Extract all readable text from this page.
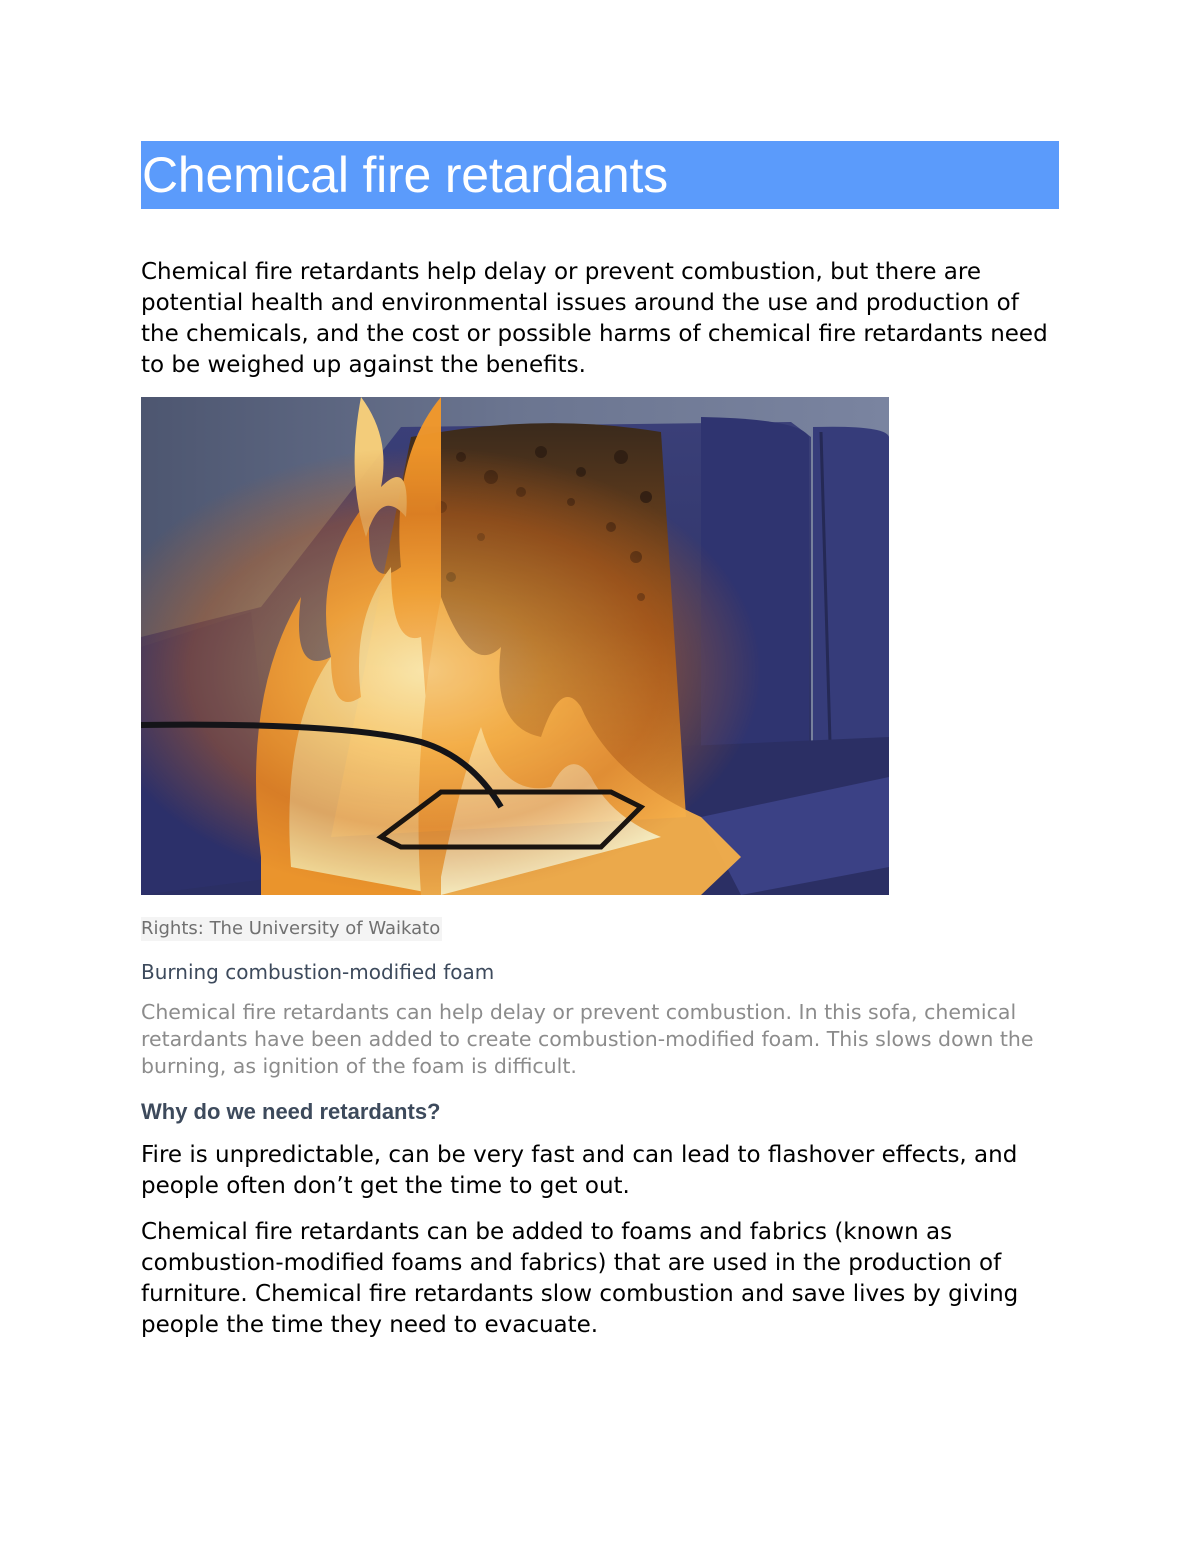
Chemical fire retardants

Chemical fire retardants help delay or prevent combustion, but there are potential health and environmental issues around the use and production of the chemicals, and the cost or possible harms of chemical fire retardants need to be weighed up against the benefits.

Rights: The University of Waikato

Burning combustion-modified foam

Chemical fire retardants can help delay or prevent combustion. In this sofa, chemical retardants have been added to create combustion-modified foam. This slows down the burning, as ignition of the foam is difficult.

Why do we need retardants?

Fire is unpredictable, can be very fast and can lead to flashover effects, and people often don’t get the time to get out.

Chemical fire retardants can be added to foams and fabrics (known as combustion-modified foams and fabrics) that are used in the production of furniture. Chemical fire retardants slow combustion and save lives by giving people the time they need to evacuate.
